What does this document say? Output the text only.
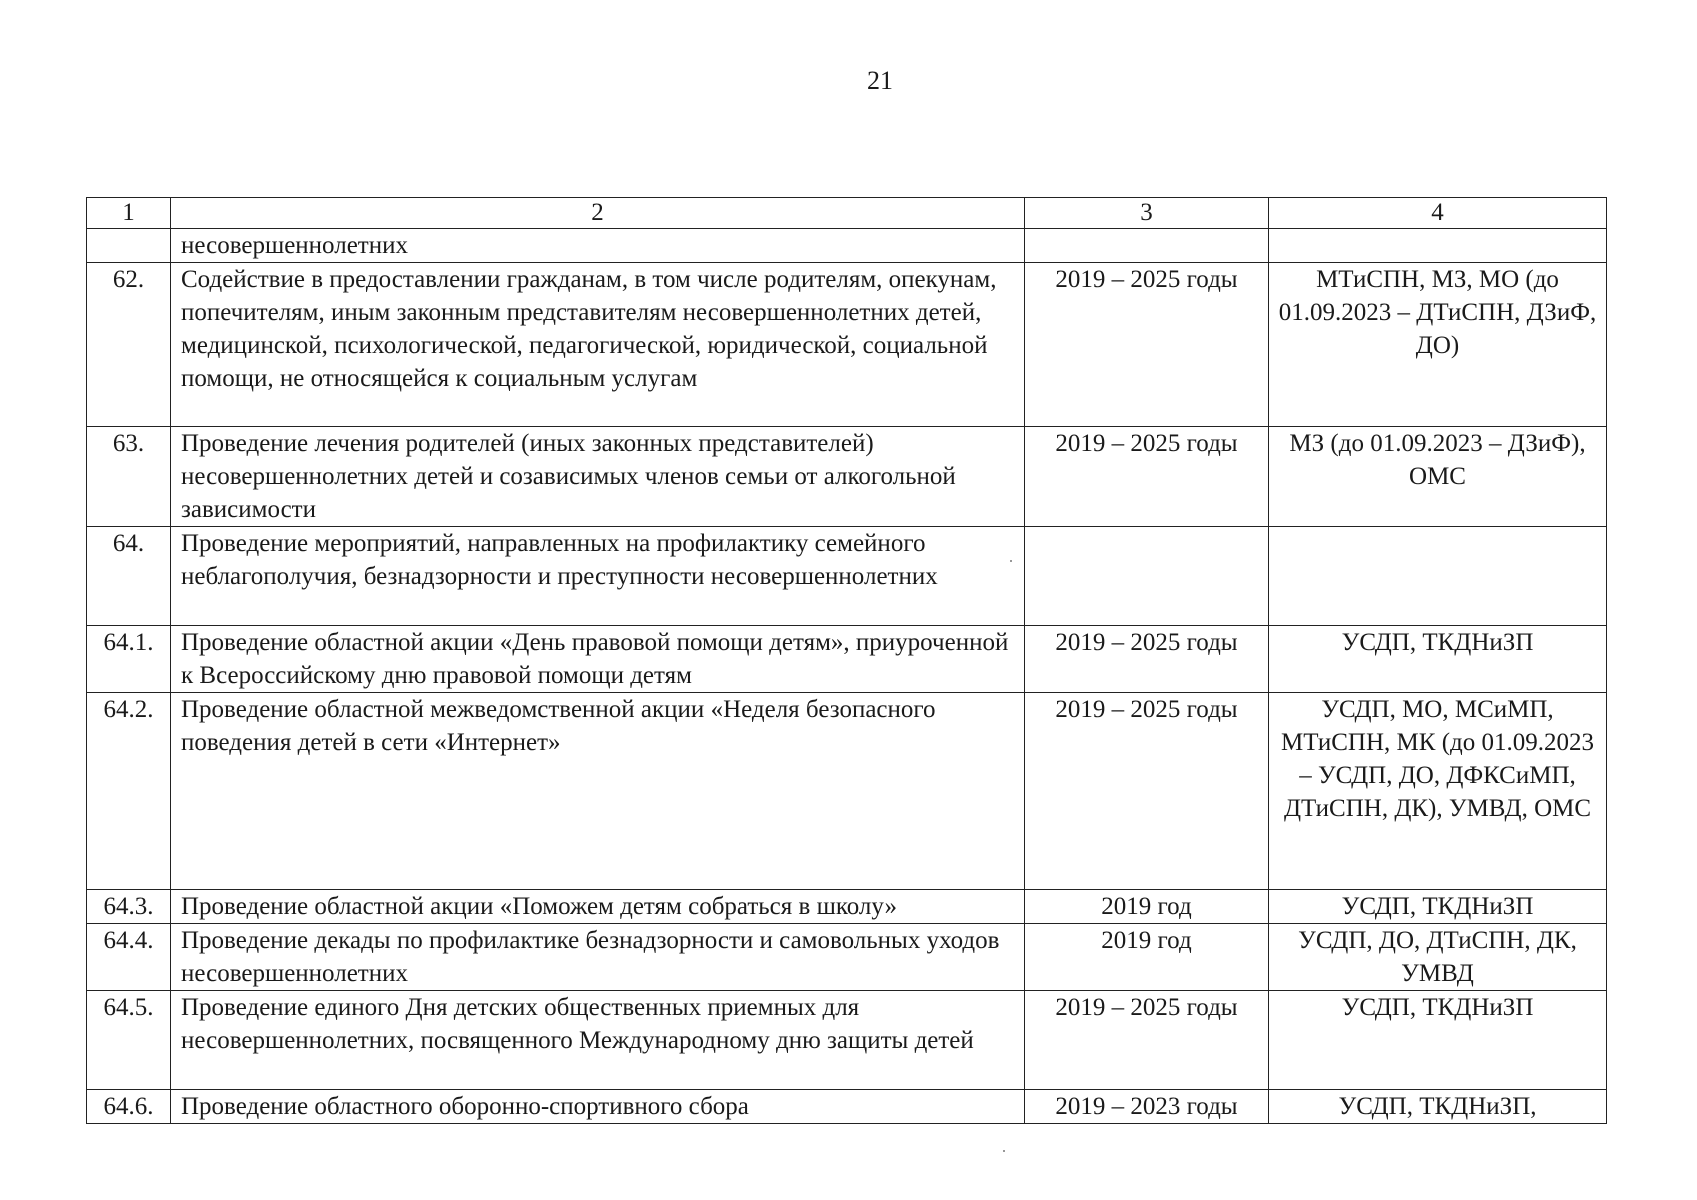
21
1	2	3	4
	несовершеннолетних		
62.	Содействие в предоставлении гражданам, в том числе родителям, опекунам, попечителям, иным законным представителям несовершеннолетних детей, медицинской, психологической, педагогической, юридической, социальной помощи, не относящейся к социальным услугам	2019 – 2025 годы	МТиСПН, МЗ, МО (до 01.09.2023 – ДТиСПН, ДЗиФ, ДО)
63.	Проведение лечения родителей (иных законных представителей) несовершеннолетних детей и созависимых членов семьи от алкогольной зависимости	2019 – 2025 годы	МЗ (до 01.09.2023 – ДЗиФ), ОМС
64.	Проведение мероприятий, направленных на профилактику семейного неблагополучия, безнадзорности и преступности несовершеннолетних		
64.1.	Проведение областной акции «День правовой помощи детям», приуроченной к Всероссийскому дню правовой помощи детям	2019 – 2025 годы	УСДП, ТКДНиЗП
64.2.	Проведение областной межведомственной акции «Неделя безопасного поведения детей в сети «Интернет»	2019 – 2025 годы	УСДП, МО, МСиМП, МТиСПН, МК (до 01.09.2023 – УСДП, ДО, ДФКСиМП, ДТиСПН, ДК), УМВД, ОМС
64.3.	Проведение областной акции «Поможем детям собраться в школу»	2019 год	УСДП, ТКДНиЗП
64.4.	Проведение декады по профилактике безнадзорности и самовольных уходов несовершеннолетних	2019 год	УСДП, ДО, ДТиСПН, ДК, УМВД
64.5.	Проведение единого Дня детских общественных приемных для несовершеннолетних, посвященного Международному дню защиты детей	2019 – 2025 годы	УСДП, ТКДНиЗП
64.6.	Проведение областного оборонно-спортивного сбора	2019 – 2023 годы	УСДП, ТКДНиЗП,
